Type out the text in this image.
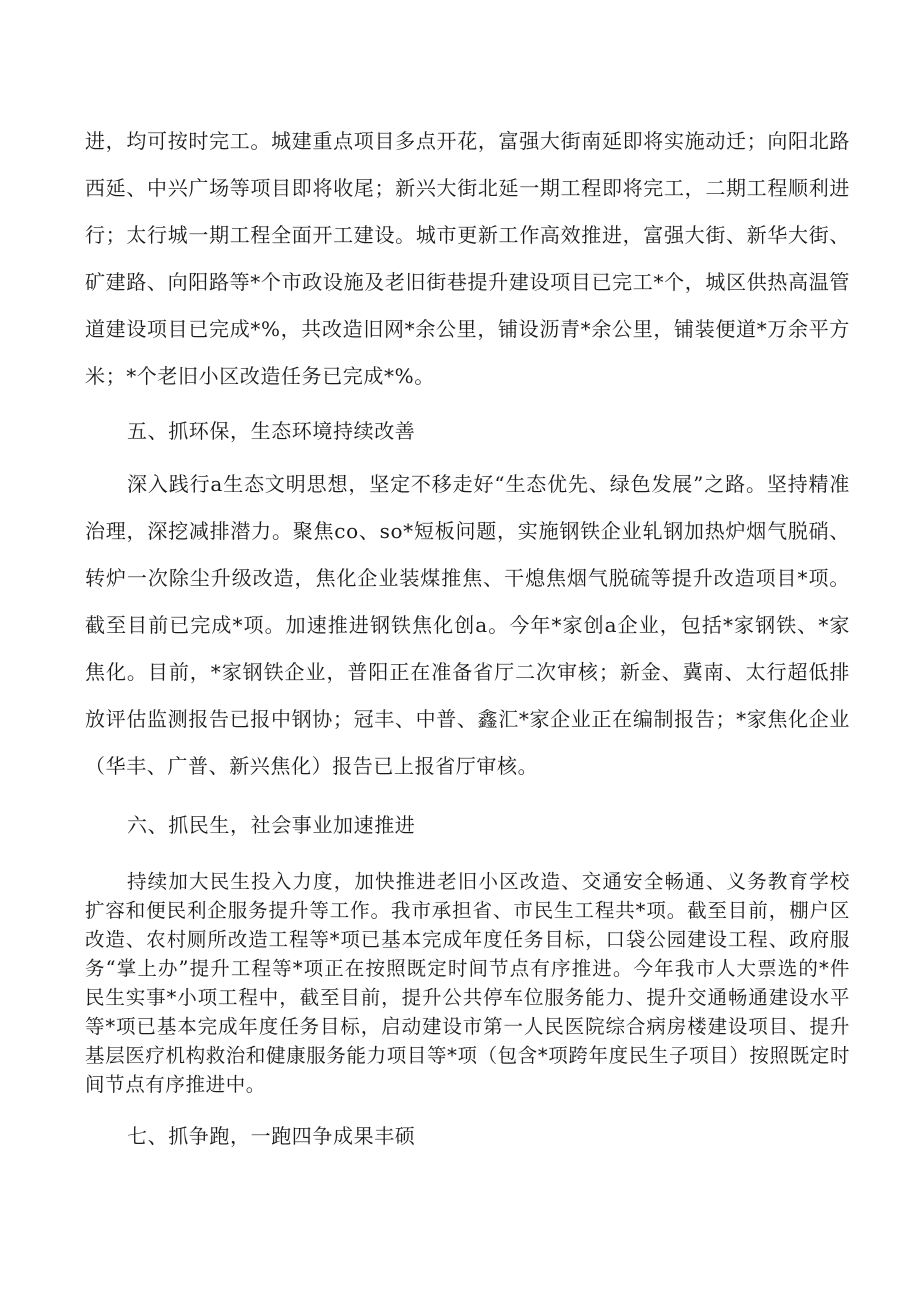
进，均可按时完工。城建重点项目多点开花，富强大街南延即将实施动迁；向阳北路西延、中兴广场等项目即将收尾；新兴大街北延一期工程即将完工，二期工程顺利进行；太行城一期工程全面开工建设。城市更新工作高效推进，富强大街、新华大街、矿建路、向阳路等*个市政设施及老旧街巷提升建设项目已完工*个，城区供热高温管道建设项目已完成*%，共改造旧网*余公里，铺设沥青*余公里，铺装便道*万余平方米；*个老旧小区改造任务已完成*%。

五、抓环保，生态环境持续改善

深入践行a生态文明思想，坚定不移走好“生态优先、绿色发展”之路。坚持精准治理，深挖减排潜力。聚焦co、so*短板问题，实施钢铁企业轧钢加热炉烟气脱硝、转炉一次除尘升级改造，焦化企业装煤推焦、干熄焦烟气脱硫等提升改造项目*项。截至目前已完成*项。加速推进钢铁焦化创a。今年*家创a企业，包括*家钢铁、*家焦化。目前，*家钢铁企业，普阳正在准备省厅二次审核；新金、冀南、太行超低排放评估监测报告已报中钢协；冠丰、中普、鑫汇*家企业正在编制报告；*家焦化企业（华丰、广普、新兴焦化）报告已上报省厅审核。

六、抓民生，社会事业加速推进

持续加大民生投入力度，加快推进老旧小区改造、交通安全畅通、义务教育学校扩容和便民利企服务提升等工作。我市承担省、市民生工程共*项。截至目前，棚户区改造、农村厕所改造工程等*项已基本完成年度任务目标，口袋公园建设工程、政府服务“掌上办”提升工程等*项正在按照既定时间节点有序推进。今年我市人大票选的*件民生实事*小项工程中，截至目前，提升公共停车位服务能力、提升交通畅通建设水平等*项已基本完成年度任务目标，启动建设市第一人民医院综合病房楼建设项目、提升基层医疗机构救治和健康服务能力项目等*项（包含*项跨年度民生子项目）按照既定时间节点有序推进中。

七、抓争跑，一跑四争成果丰硕
